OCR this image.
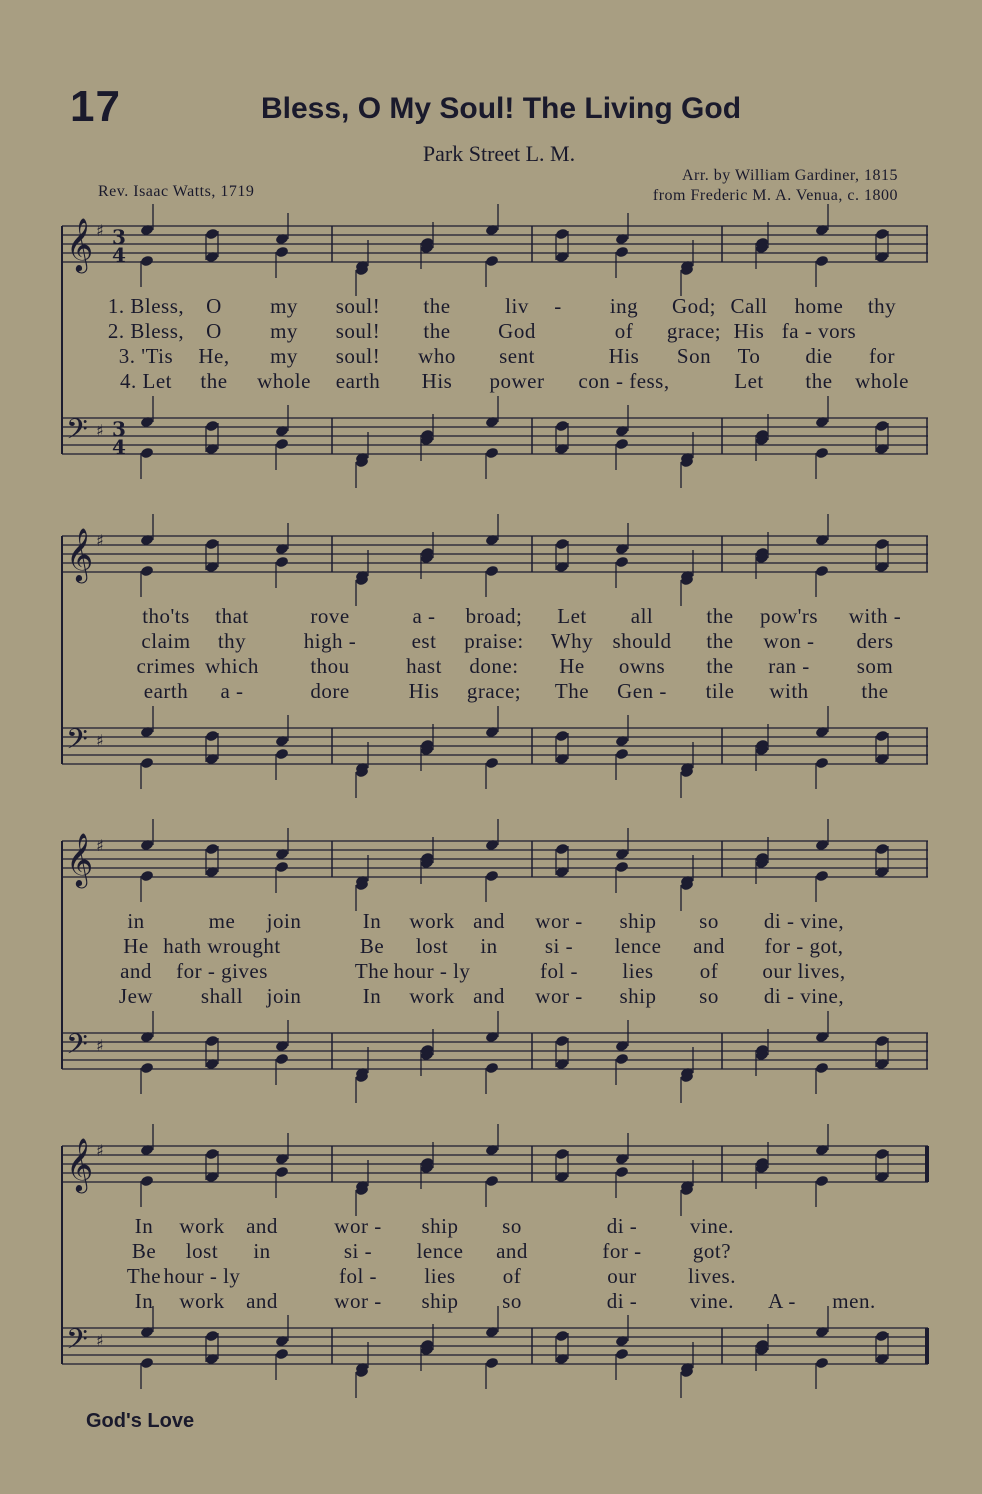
17	Bless, O My Soul! The Living God
Park Street L. M.
Rev. Isaac Watts, 1719
Arr. by William Gardiner, 1815
from Frederic M. A. Venua, c. 1800
𝄞 ♯ 3
4
𝄢 ♯ 3
4
1. Bless, O my soul! the	liv - ing God; Call home thy
2. Bless, O my soul! the God	of grace; His fa - vors
3. 'Tis He, my soul! who sent	His Son To die for
4. Let the whole earth His power con - fess,	Let the whole
𝄞 ♯
𝄢 ♯
tho'ts that	rove	a - broad; Let all	the pow'rs with -
claim thy	high -	est praise: Why should the won - ders
crimes which thou	hast done: He owns the ran - som
earth a -	dore	His grace; The Gen - tile with	the
𝄞 ♯
𝄢 ♯
in	me join	In work and wor - ship so di - vine,
He hath wrought	Be lost in si - lence and for - got,
and for - gives	The hour - ly	fol - lies of our lives,
Jew shall join	In work and wor - ship so di - vine,
𝄞 ♯
𝄢 ♯
In work and	wor - ship so	di -	vine.
Be lost in	si - lence and	for - got?
The hour - ly	fol - lies of	our lives.
In work and	wor - ship so	di -	vine. A - men.
God's Love
